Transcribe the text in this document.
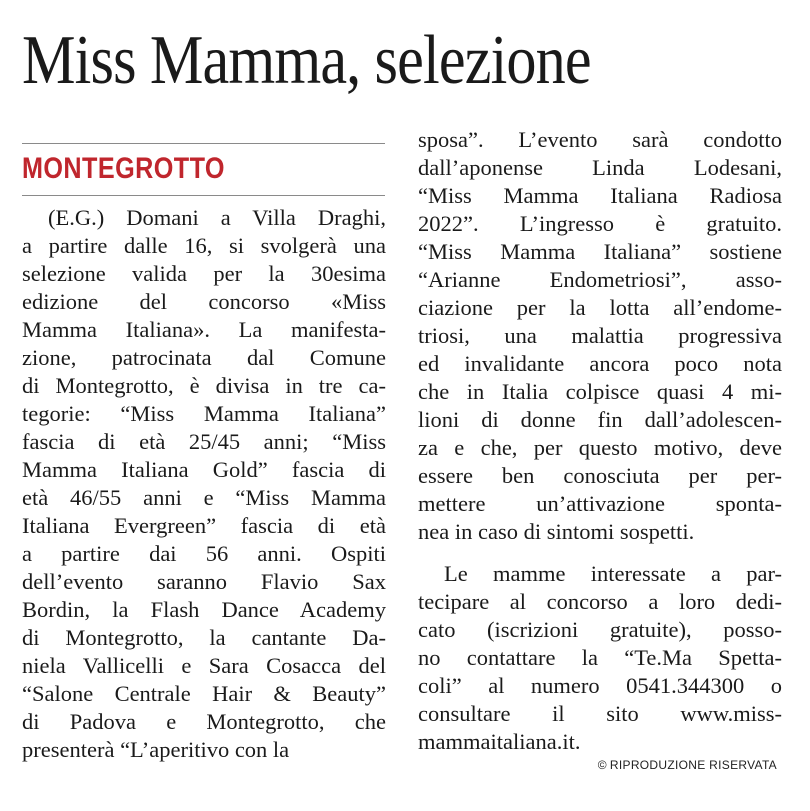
Miss Mamma, selezione
MONTEGROTTO
(E.G.) Domani a Villa Draghi,
a partire dalle 16, si svolgerà una
selezione valida per la 30esima
edizione del concorso «Miss
Mamma Italiana». La manifesta-
zione, patrocinata dal Comune
di Montegrotto, è divisa in tre ca-
tegorie: “Miss Mamma Italiana”
fascia di età 25/45 anni; “Miss
Mamma Italiana Gold” fascia di
età 46/55 anni e “Miss Mamma
Italiana Evergreen” fascia di età
a partire dai 56 anni. Ospiti
dell’evento saranno Flavio Sax
Bordin, la Flash Dance Academy
di Montegrotto, la cantante Da-
niela Vallicelli e Sara Cosacca del
“Salone Centrale Hair & Beauty”
di Padova e Montegrotto, che
presenterà “L’aperitivo con la
sposa”. L’evento sarà condotto
dall’aponense Linda Lodesani,
“Miss Mamma Italiana Radiosa
2022”. L’ingresso è gratuito.
“Miss Mamma Italiana” sostiene
“Arianne Endometriosi”, asso-
ciazione per la lotta all’endome-
triosi, una malattia progressiva
ed invalidante ancora poco nota
che in Italia colpisce quasi 4 mi-
lioni di donne fin dall’adolescen-
za e che, per questo motivo, deve
essere ben conosciuta per per-
mettere un’attivazione sponta-
nea in caso di sintomi sospetti.
Le mamme interessate a par-
tecipare al concorso a loro dedi-
cato (iscrizioni gratuite), posso-
no contattare la “Te.Ma Spetta-
coli” al numero 0541.344300 o
consultare il sito www.miss-
mammaitaliana.it.

© RIPRODUZIONE RISERVATA
